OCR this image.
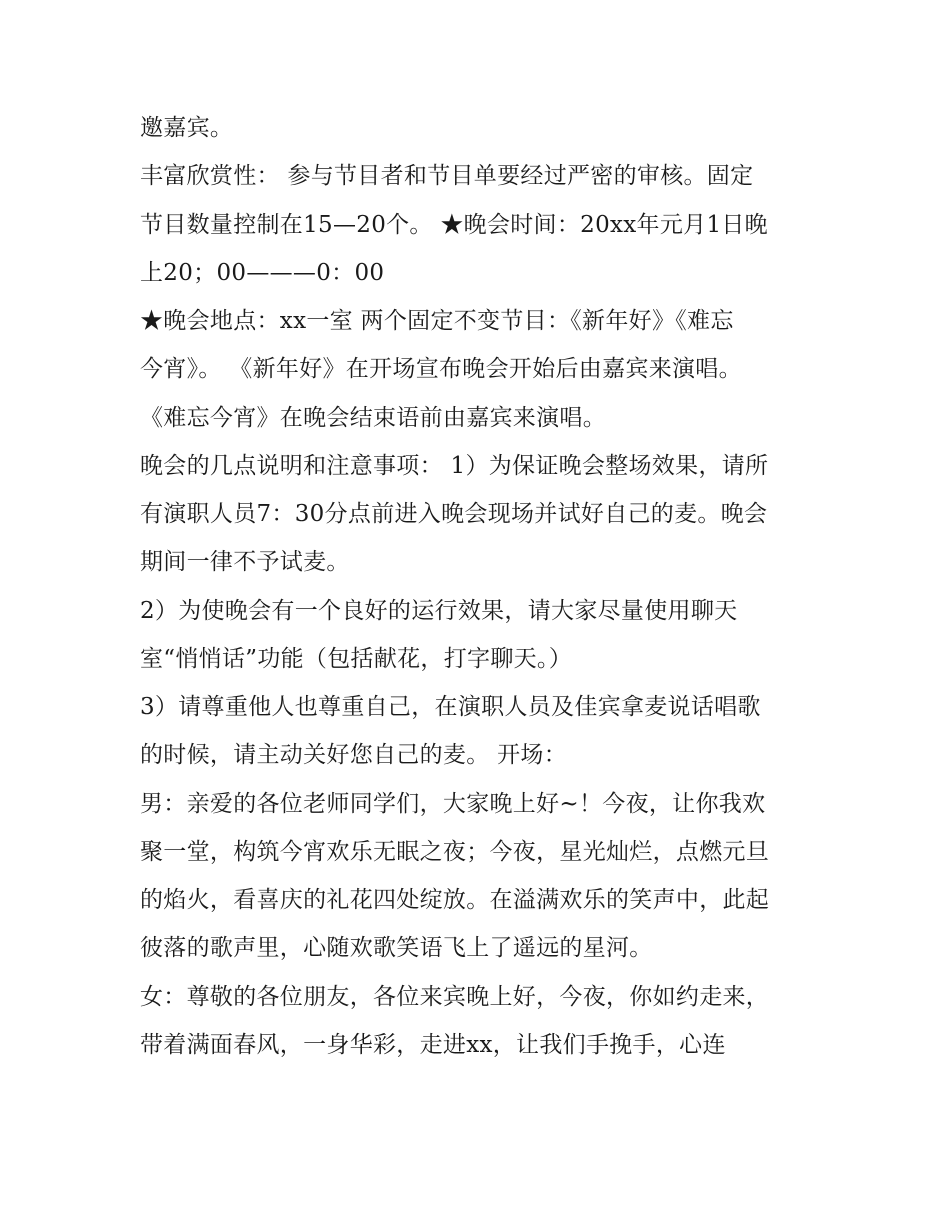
邀嘉宾。
丰富欣赏性： 参与节目者和节目单要经过严密的审核。固定
节目数量控制在15—20个。 ★晚会时间：20xx年元月1日晚
上20；00———0：00
★晚会地点：xx一室 两个固定不变节目：《新年好》《难忘
今宵》。 《新年好》在开场宣布晚会开始后由嘉宾来演唱。
《难忘今宵》在晚会结束语前由嘉宾来演唱。
晚会的几点说明和注意事项： 1）为保证晚会整场效果，请所
有演职人员7：30分点前进入晚会现场并试好自己的麦。晚会
期间一律不予试麦。
2）为使晚会有一个良好的运行效果，请大家尽量使用聊天
室“悄悄话”功能（包括献花，打字聊天。）
3）请尊重他人也尊重自己，在演职人员及佳宾拿麦说话唱歌
的时候，请主动关好您自己的麦。 开场：
男：亲爱的各位老师同学们，大家晚上好~！今夜，让你我欢
聚一堂，构筑今宵欢乐无眠之夜；今夜，星光灿烂，点燃元旦
的焰火，看喜庆的礼花四处绽放。在溢满欢乐的笑声中，此起
彼落的歌声里，心随欢歌笑语飞上了遥远的星河。
女：尊敬的各位朋友，各位来宾晚上好，今夜，你如约走来，
带着满面春风，一身华彩，走进xx，让我们手挽手，心连
